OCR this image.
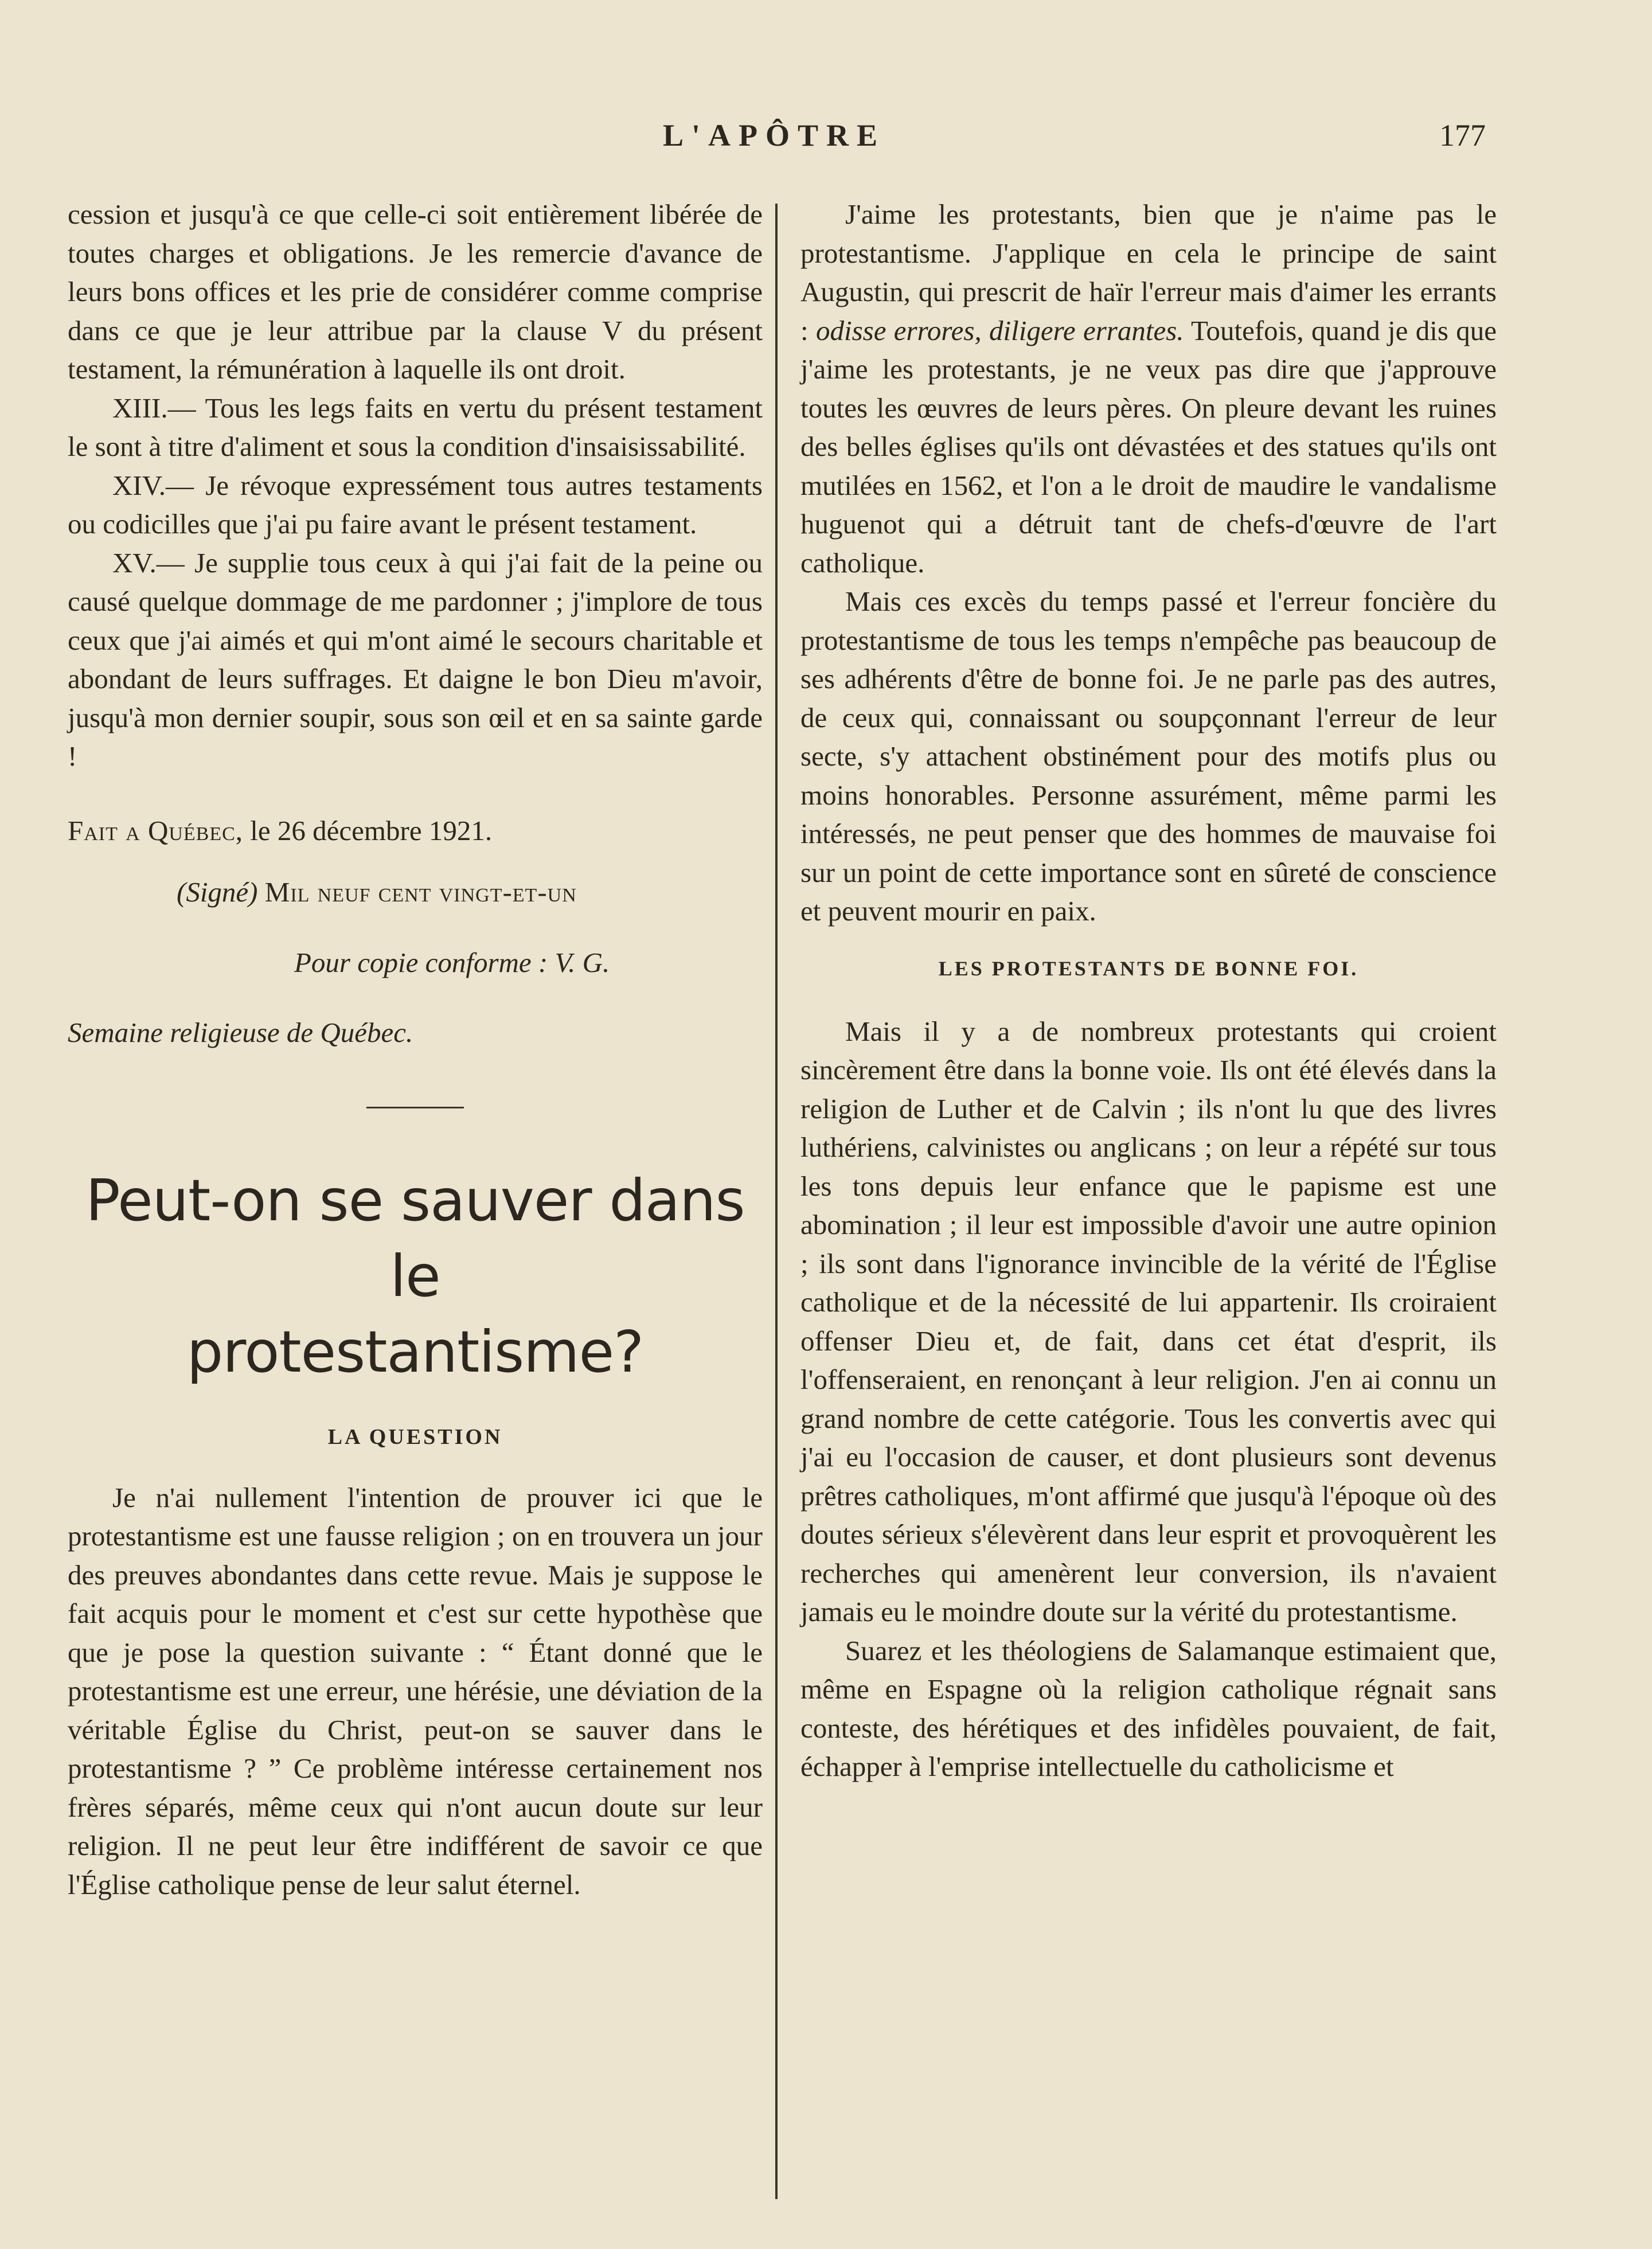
L'APÔTRE	177

cession et jusqu'à ce que celle-ci soit entièrement libérée de toutes charges et obligations. Je les remercie d'avance de leurs bons offices et les prie de considérer comme comprise dans ce que je leur attribue par la clause V du présent testament, la rémunération à laquelle ils ont droit.

XIII.— Tous les legs faits en vertu du présent testament le sont à titre d'aliment et sous la condition d'insaisissabilité.

XIV.— Je révoque expressément tous autres testaments ou codicilles que j'ai pu faire avant le présent testament.

XV.— Je supplie tous ceux à qui j'ai fait de la peine ou causé quelque dommage de me pardonner ; j'implore de tous ceux que j'ai aimés et qui m'ont aimé le secours charitable et abondant de leurs suffrages. Et daigne le bon Dieu m'avoir, jusqu'à mon dernier soupir, sous son œil et en sa sainte garde !

Fait a Québec, le 26 décembre 1921.

(Signé) Mil neuf cent vingt-et-un

Pour copie conforme : V. G.

Semaine religieuse de Québec.

Peut-on se sauver dans le

protestantisme?

LA QUESTION

Je n'ai nullement l'intention de prouver ici que le protestantisme est une fausse religion ; on en trouvera un jour des preuves abondantes dans cette revue. Mais je suppose le fait acquis pour le moment et c'est sur cette hypothèse que que je pose la question suivante : “ Étant donné que le protestantisme est une erreur, une hérésie, une déviation de la véritable Église du Christ, peut-on se sauver dans le protestantisme ? ” Ce problème intéresse certainement nos frères séparés, même ceux qui n'ont aucun doute sur leur religion. Il ne peut leur être indifférent de savoir ce que l'Église catholique pense de leur salut éternel.

J'aime les protestants, bien que je n'aime pas le protestantisme. J'applique en cela le principe de saint Augustin, qui prescrit de haïr l'erreur mais d'aimer les errants : odisse errores, diligere errantes. Toutefois, quand je dis que j'aime les protestants, je ne veux pas dire que j'approuve toutes les œuvres de leurs pères. On pleure devant les ruines des belles églises qu'ils ont dévastées et des statues qu'ils ont mutilées en 1562, et l'on a le droit de maudire le vandalisme huguenot qui a détruit tant de chefs-d'œuvre de l'art catholique.

Mais ces excès du temps passé et l'erreur foncière du protestantisme de tous les temps n'empêche pas beaucoup de ses adhérents d'être de bonne foi. Je ne parle pas des autres, de ceux qui, connaissant ou soupçonnant l'erreur de leur secte, s'y attachent obstinément pour des motifs plus ou moins honorables. Personne assurément, même parmi les intéressés, ne peut penser que des hommes de mauvaise foi sur un point de cette importance sont en sûreté de conscience et peuvent mourir en paix.

LES PROTESTANTS DE BONNE FOI.

Mais il y a de nombreux protestants qui croient sincèrement être dans la bonne voie. Ils ont été élevés dans la religion de Luther et de Calvin ; ils n'ont lu que des livres luthériens, calvinistes ou anglicans ; on leur a répété sur tous les tons depuis leur enfance que le papisme est une abomination ; il leur est impossible d'avoir une autre opinion ; ils sont dans l'ignorance invincible de la vérité de l'Église catholique et de la nécessité de lui appartenir. Ils croiraient offenser Dieu et, de fait, dans cet état d'esprit, ils l'offenseraient, en renonçant à leur religion. J'en ai connu un grand nombre de cette catégorie. Tous les convertis avec qui j'ai eu l'occasion de causer, et dont plusieurs sont devenus prêtres catholiques, m'ont affirmé que jusqu'à l'époque où des doutes sérieux s'élevèrent dans leur esprit et provoquèrent les recherches qui amenèrent leur conversion, ils n'avaient jamais eu le moindre doute sur la vérité du protestantisme.

Suarez et les théologiens de Salamanque estimaient que, même en Espagne où la religion catholique régnait sans conteste, des hérétiques et des infidèles pouvaient, de fait, échapper à l'emprise intellectuelle du catholicisme et
